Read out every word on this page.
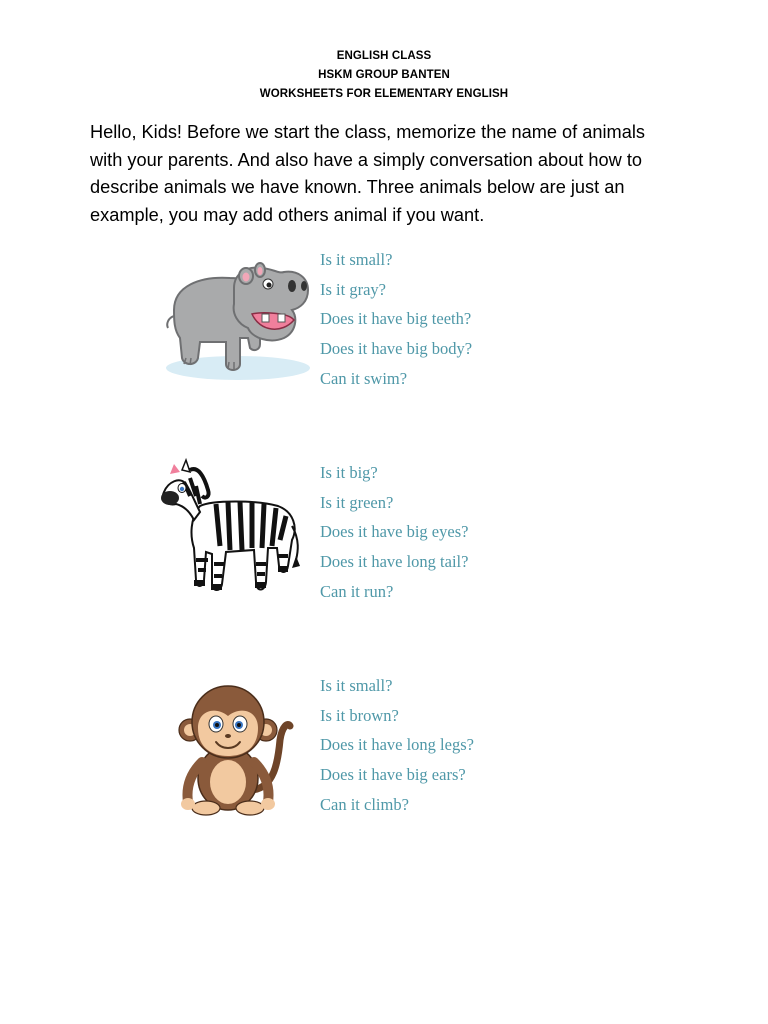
ENGLISH CLASS
HSKM GROUP BANTEN
WORKSHEETS FOR ELEMENTARY ENGLISH
Hello, Kids! Before we start the class, memorize the name of animals
with your parents. And also have a simply conversation about how to
describe animals we have known. Three animals below are just an
example, you may add others animal if you want.
Is it small?
Is it gray?
Does it have big teeth?
Does it have big body?
Can it swim?
Is it big?
Is it green?
Does it have big eyes?
Does it have long tail?
Can it run?
Is it small?
Is it brown?
Does it have long legs?
Does it have big ears?
Can it climb?
